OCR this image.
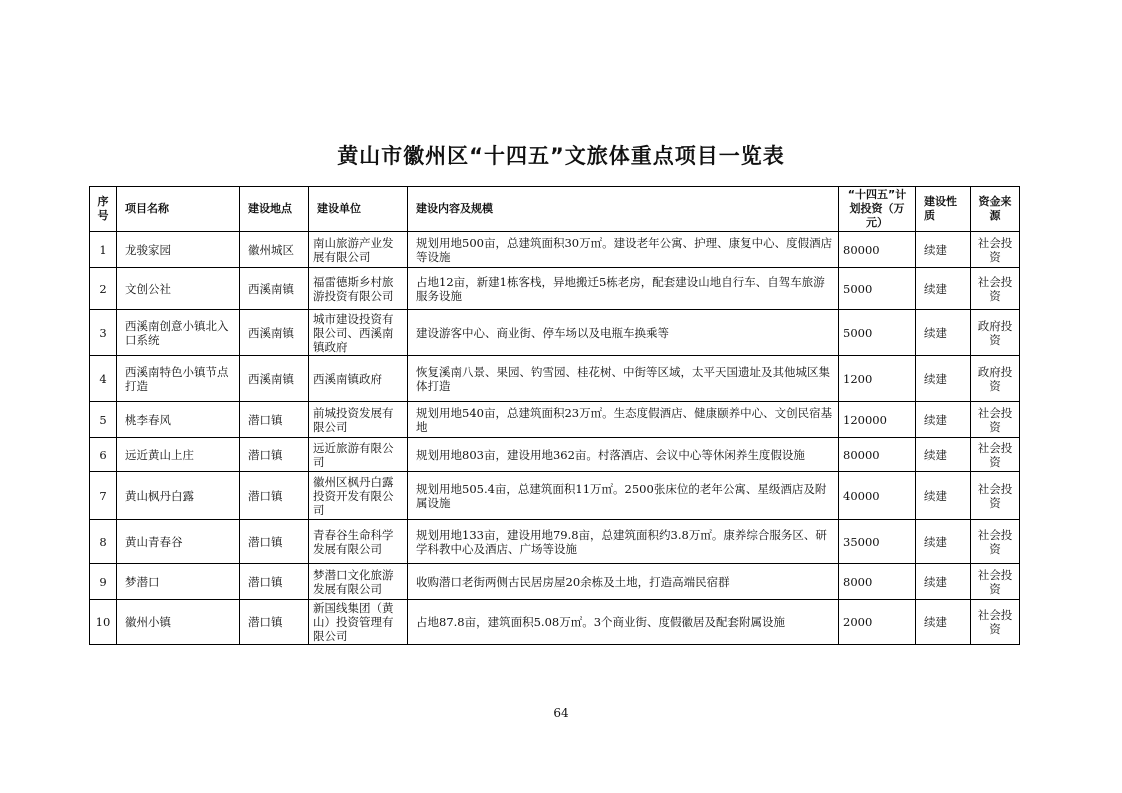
黄山市徽州区“十四五”文旅体重点项目一览表
序号	项目名称	建设地点	建设单位	建设内容及规模	“十四五”计划投资（万元）	建设性质	资金来源
1	龙骏家园	徽州城区	南山旅游产业发展有限公司	规划用地500亩，总建筑面积30万㎡。建设老年公寓、护理、康复中心、度假酒店等设施	80000	续建	社会投资
2	文创公社	西溪南镇	福雷德斯乡村旅游投资有限公司	占地12亩，新建1栋客栈，异地搬迁5栋老房，配套建设山地自行车、自驾车旅游服务设施	5000	续建	社会投资
3	西溪南创意小镇北入口系统	西溪南镇	城市建设投资有限公司、西溪南镇政府	建设游客中心、商业街、停车场以及电瓶车换乘等	5000	续建	政府投资
4	西溪南特色小镇节点打造	西溪南镇	西溪南镇政府	恢复溪南八景、果园、钓雪园、桂花树、中街等区域，太平天国遗址及其他城区集体打造	1200	续建	政府投资
5	桃李春风	潜口镇	前城投资发展有限公司	规划用地540亩，总建筑面积23万㎡。生态度假酒店、健康颐养中心、文创民宿基地	120000	续建	社会投资
6	远近黄山上庄	潜口镇	远近旅游有限公司	规划用地803亩，建设用地362亩。村落酒店、会议中心等休闲养生度假设施	80000	续建	社会投资
7	黄山枫丹白露	潜口镇	徽州区枫丹白露投资开发有限公司	规划用地505.4亩，总建筑面积11万㎡。2500张床位的老年公寓、星级酒店及附属设施	40000	续建	社会投资
8	黄山青春谷	潜口镇	青春谷生命科学发展有限公司	规划用地133亩，建设用地79.8亩，总建筑面积约3.8万㎡。康养综合服务区、研学科教中心及酒店、广场等设施	35000	续建	社会投资
9	梦潜口	潜口镇	梦潜口文化旅游发展有限公司	收购潜口老街两侧古民居房屋20余栋及土地，打造高端民宿群	8000	续建	社会投资
10	徽州小镇	潜口镇	新国线集团（黄山）投资管理有限公司	占地87.8亩，建筑面积5.08万㎡。3个商业街、度假徽居及配套附属设施	2000	续建	社会投资
64
